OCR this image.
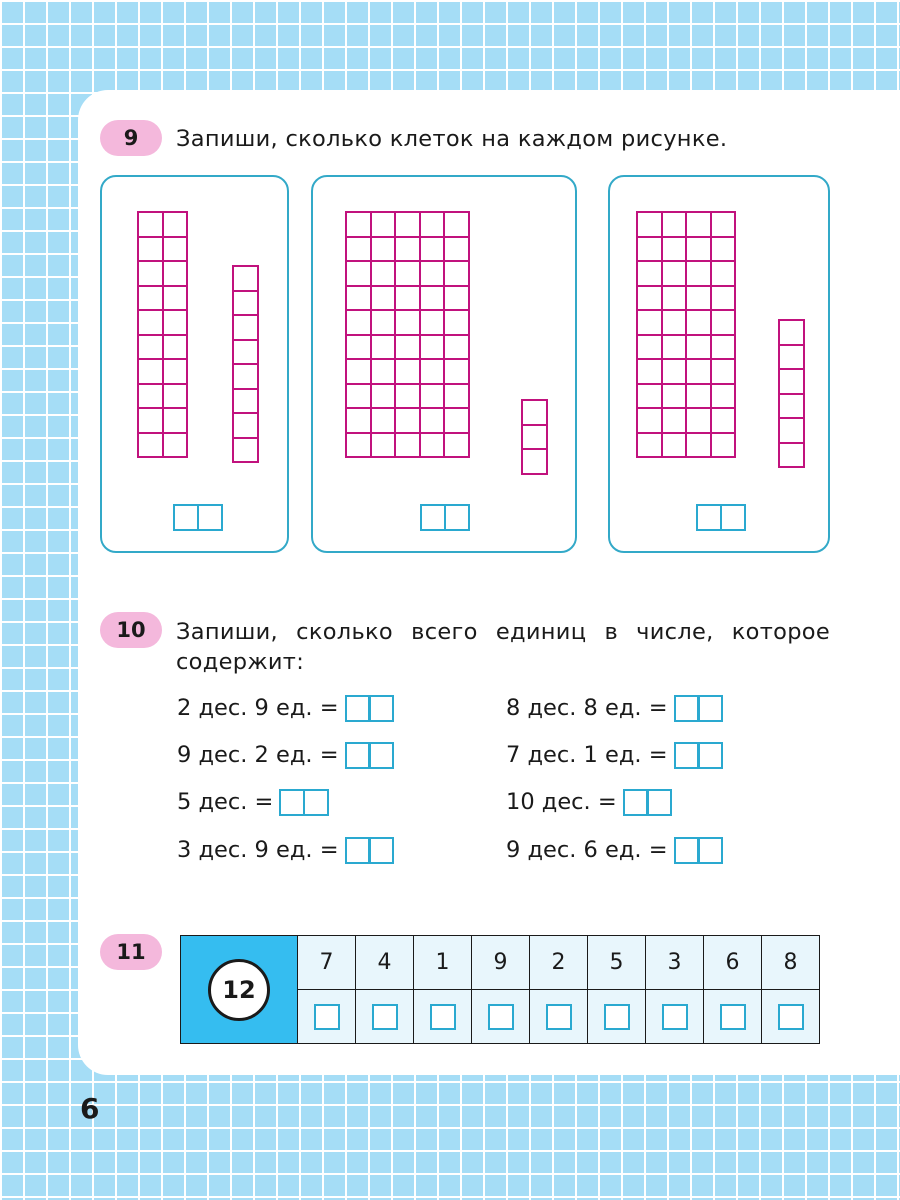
9	Запиши, сколько клеток на каждом рисунке.

10	Запиши, сколько всего единиц в числе, которое
содержит:
2 дес. 9 ед. =
9 дес. 2 ед. =
5 дес. =
3 дес. 9 ед. =
8 дес. 8 ед. =
7 дес. 1 ед. =
10 дес. =
9 дес. 6 ед. =
11
12	7	4	1	9	2	5	3	6	8

6
